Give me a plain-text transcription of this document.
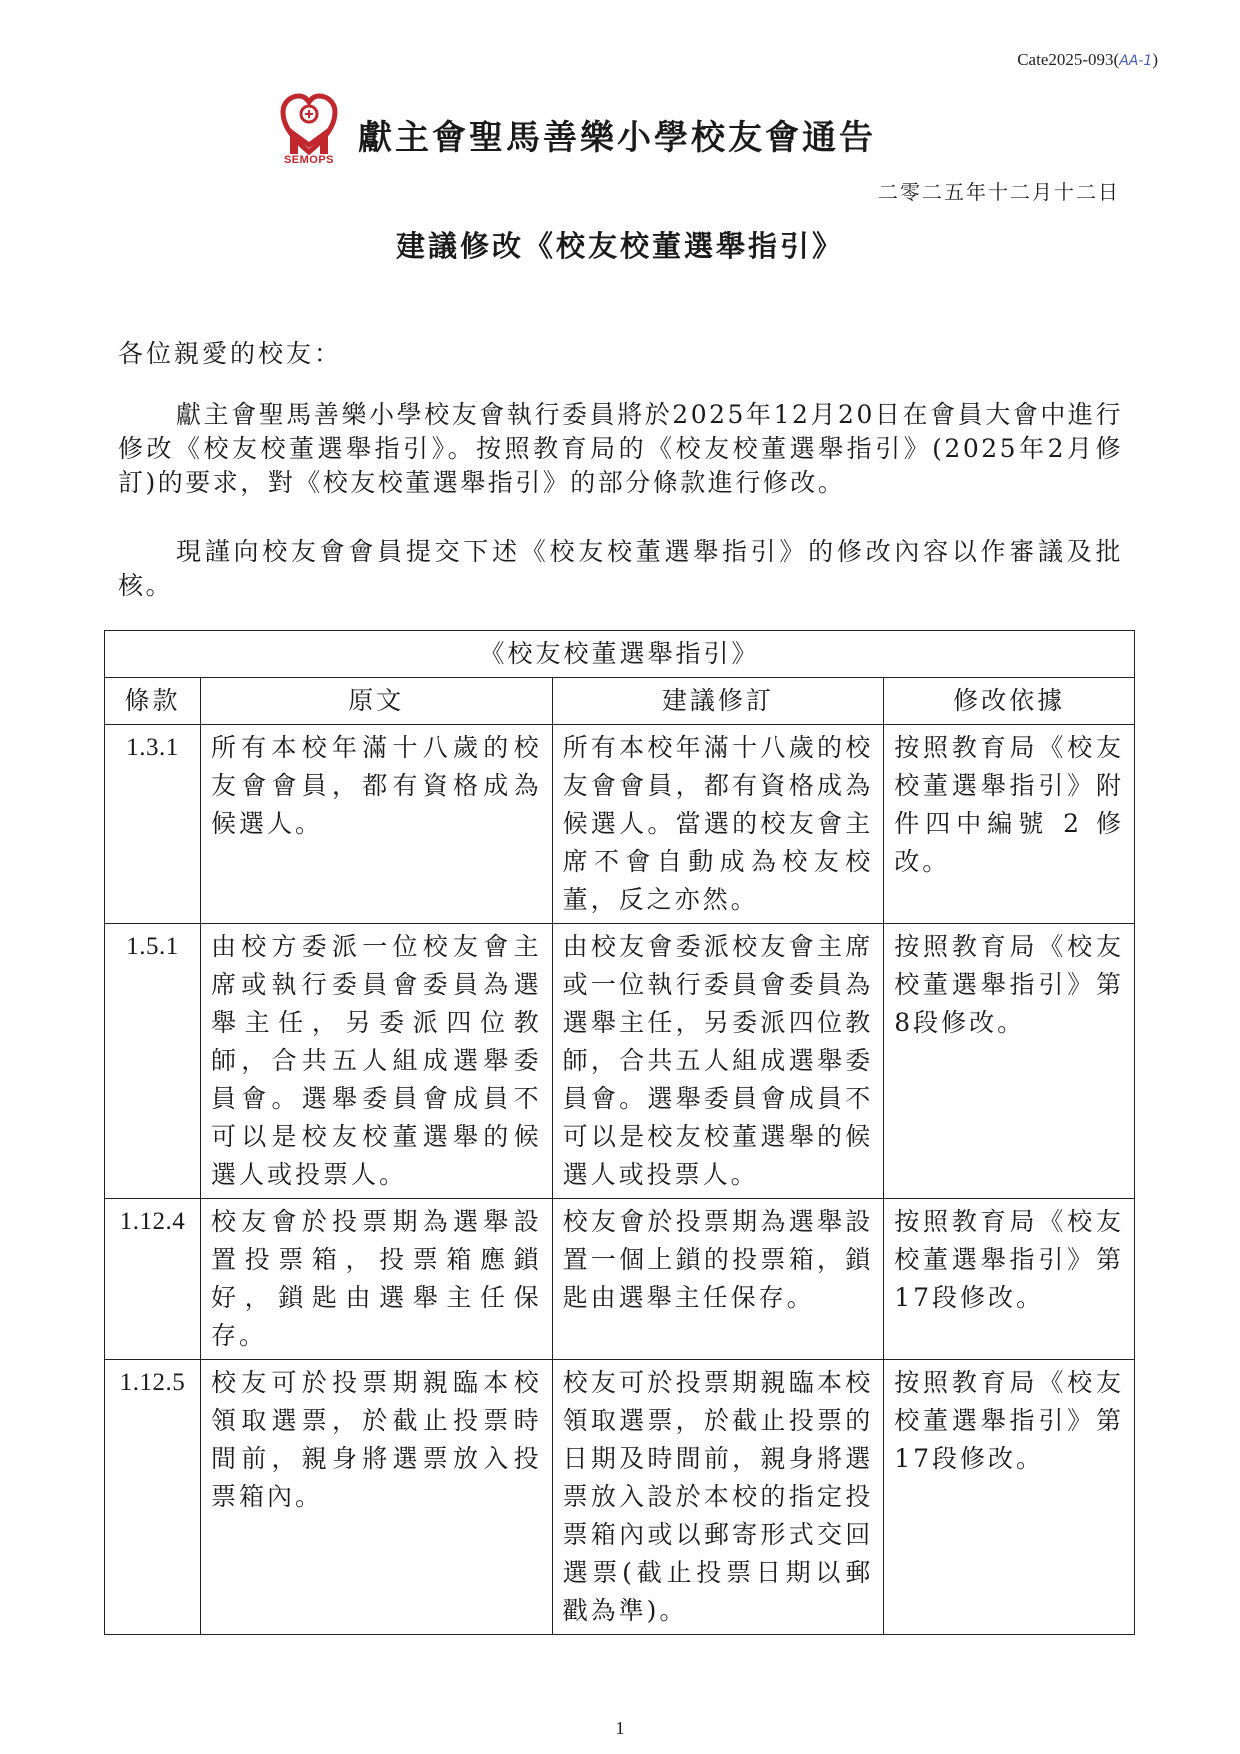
Cate2025-093(AA-1)
SEMOPS
獻主會聖馬善樂小學校友會通告
二零二五年十二月十二日
建議修改《校友校董選舉指引》
各位親愛的校友：
獻主會聖馬善樂小學校友會執行委員將於2025年12月20日在會員大會中進行修改《校友校董選舉指引》。按照教育局的《校友校董選舉指引》(2025年2月修訂)的要求，對《校友校董選舉指引》的部分條款進行修改。
現謹向校友會會員提交下述《校友校董選舉指引》的修改內容以作審議及批核。
《校友校董選舉指引》			
條款	原文	建議修訂	修改依據
1.3.1	所有本校年滿十八歲的校友會會員，都有資格成為候選人。	所有本校年滿十八歲的校友會會員，都有資格成為候選人。當選的校友會主席不會自動成為校友校董，反之亦然。	按照教育局《校友校董選舉指引》附件四中編號 2 修改。
1.5.1	由校方委派一位校友會主席或執行委員會委員為選舉主任，另委派四位教師，合共五人組成選舉委員會。選舉委員會成員不可以是校友校董選舉的候選人或投票人。	由校友會委派校友會主席或一位執行委員會委員為選舉主任，另委派四位教師，合共五人組成選舉委員會。選舉委員會成員不可以是校友校董選舉的候選人或投票人。	按照教育局《校友校董選舉指引》第8段修改。
1.12.4	校友會於投票期為選舉設置投票箱，投票箱應鎖好，鎖匙由選舉主任保存。	校友會於投票期為選舉設置一個上鎖的投票箱，鎖匙由選舉主任保存。	按照教育局《校友校董選舉指引》第17段修改。
1.12.5	校友可於投票期親臨本校領取選票，於截止投票時間前，親身將選票放入投票箱內。	校友可於投票期親臨本校領取選票，於截止投票的日期及時間前，親身將選票放入設於本校的指定投票箱內或以郵寄形式交回選票(截止投票日期以郵戳為準)。	按照教育局《校友校董選舉指引》第17段修改。
1
